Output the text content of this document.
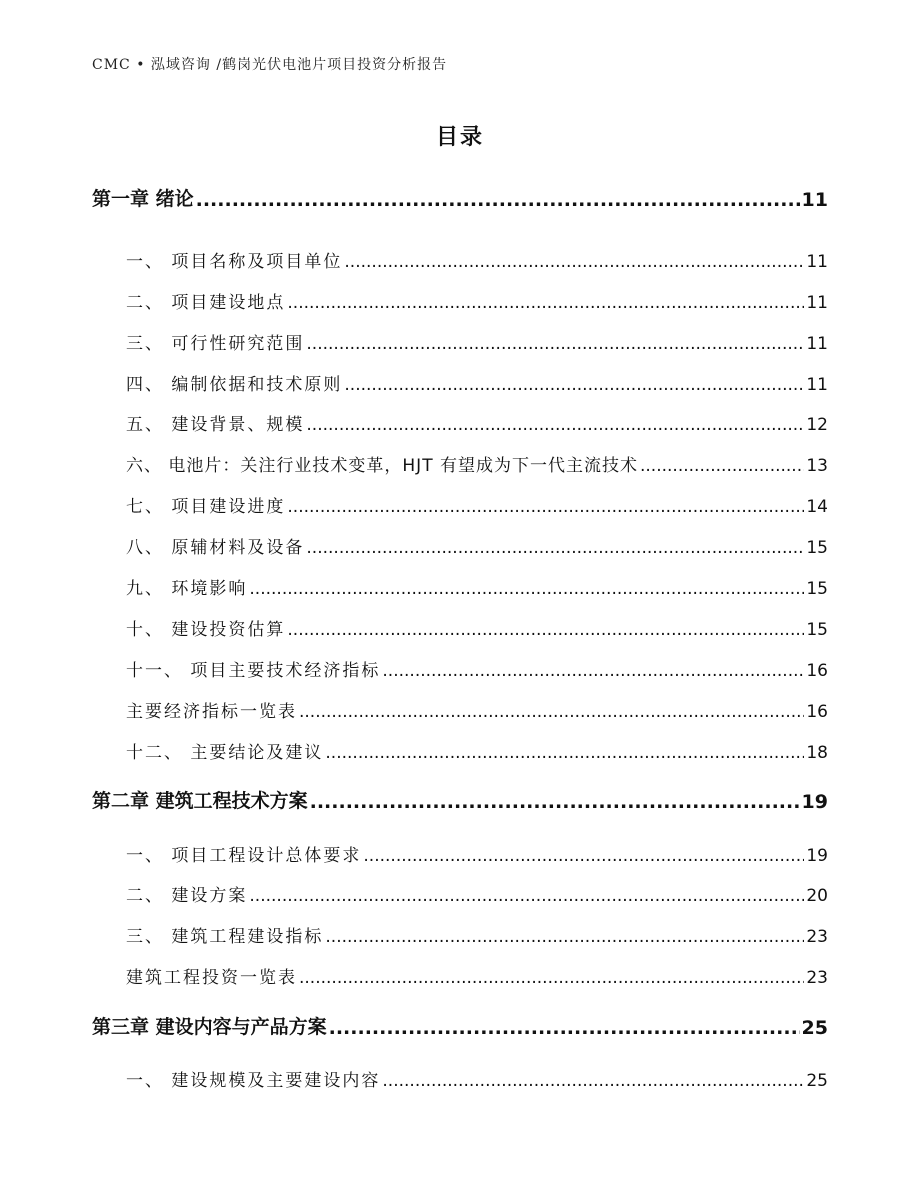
CMC • 泓域咨询 /鹤岗光伏电池片项目投资分析报告
目录
第一章 绪论 .....	11
一、 项目名称及项目单位 .....	11
二、 项目建设地点 .....	11
三、 可行性研究范围 .....	11
四、 编制依据和技术原则 .....	11
五、 建设背景、规模 .....	12
六、 电池片：关注行业技术变革，HJT 有望成为下一代主流技术 .....	13
七、 项目建设进度 .....	14
八、 原辅材料及设备 .....	15
九、 环境影响 .....	15
十、 建设投资估算 .....	15
十一、 项目主要技术经济指标 .....	16
主要经济指标一览表 .....	16
十二、 主要结论及建议 .....	18
第二章 建筑工程技术方案 .....	19
一、 项目工程设计总体要求 .....	19
二、 建设方案 .....	20
三、 建筑工程建设指标 .....	23
建筑工程投资一览表 .....	23
第三章 建设内容与产品方案 .....	25
一、 建设规模及主要建设内容 .....	25
